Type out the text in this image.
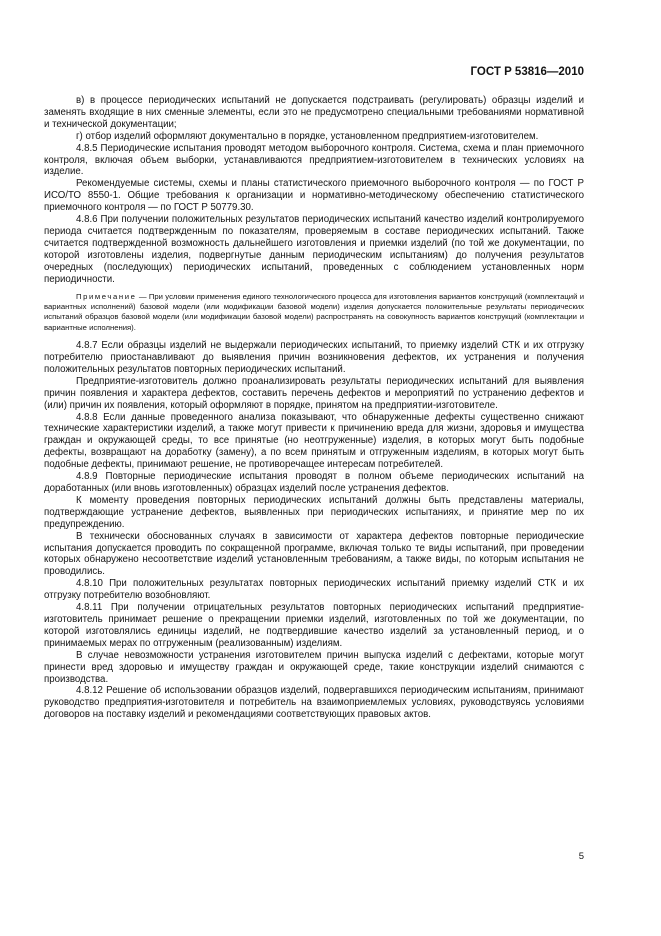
ГОСТ Р 53816—2010

в) в процессе периодических испытаний не допускается подстраивать (регулировать) образцы изделий и заменять входящие в них сменные элементы, если это не предусмотрено специальными требованиями нормативной и технической документации;

г) отбор изделий оформляют документально в порядке, установленном предприятием-изготовителем.

4.8.5 Периодические испытания проводят методом выборочного контроля. Система, схема и план приемочного контроля, включая объем выборки, устанавливаются предприятием-изготовителем в технических условиях на изделие.

Рекомендуемые системы, схемы и планы статистического приемочного выборочного контроля — по ГОСТ Р ИСО/ТО 8550-1. Общие требования к организации и нормативно-методическому обеспечению статистического приемочного контроля — по ГОСТ Р 50779.30.

4.8.6 При получении положительных результатов периодических испытаний качество изделий контролируемого периода считается подтвержденным по показателям, проверяемым в составе периодических испытаний. Также считается подтвержденной возможность дальнейшего изготовления и приемки изделий (по той же документации, по которой изготовлены изделия, подвергнутые данным периодическим испытаниям) до получения результатов очередных (последующих) периодических испытаний, проведенных с соблюдением установленных норм периодичности.

Примечание — При условии применения единого технологического процесса для изготовления вариантов конструкций (комплектаций и вариантных исполнений) базовой модели (или модификации базовой модели) изделия допускается положительные результаты периодических испытаний образцов базовой модели (или модификации базовой модели) распространять на совокупность вариантов конструкций (комплектации и вариантные исполнения).

4.8.7 Если образцы изделий не выдержали периодических испытаний, то приемку изделий СТК и их отгрузку потребителю приостанавливают до выявления причин возникновения дефектов, их устранения и получения положительных результатов повторных периодических испытаний.

Предприятие-изготовитель должно проанализировать результаты периодических испытаний для выявления причин появления и характера дефектов, составить перечень дефектов и мероприятий по устранению дефектов и (или) причин их появления, который оформляют в порядке, принятом на предприятии-изготовителе.

4.8.8 Если данные проведенного анализа показывают, что обнаруженные дефекты существенно снижают технические характеристики изделий, а также могут привести к причинению вреда для жизни, здоровья и имущества граждан и окружающей среды, то все принятые (но неотгруженные) изделия, в которых могут быть подобные дефекты, возвращают на доработку (замену), а по всем принятым и отгруженным изделиям, в которых могут быть подобные дефекты, принимают решение, не противоречащее интересам потребителей.

4.8.9 Повторные периодические испытания проводят в полном объеме периодических испытаний на доработанных (или вновь изготовленных) образцах изделий после устранения дефектов.

К моменту проведения повторных периодических испытаний должны быть представлены материалы, подтверждающие устранение дефектов, выявленных при периодических испытаниях, и принятие мер по их предупреждению.

В технически обоснованных случаях в зависимости от характера дефектов повторные периодические испытания допускается проводить по сокращенной программе, включая только те виды испытаний, при проведении которых обнаружено несоответствие изделий установленным требованиям, а также виды, по которым испытания не проводились.

4.8.10 При положительных результатах повторных периодических испытаний приемку изделий СТК и их отгрузку потребителю возобновляют.

4.8.11 При получении отрицательных результатов повторных периодических испытаний предприятие-изготовитель принимает решение о прекращении приемки изделий, изготовленных по той же документации, по которой изготовлялись единицы изделий, не подтвердившие качество изделий за установленный период, и о принимаемых мерах по отгруженным (реализованным) изделиям.

В случае невозможности устранения изготовителем причин выпуска изделий с дефектами, которые могут принести вред здоровью и имуществу граждан и окружающей среде, такие конструкции изделий снимаются с производства.

4.8.12 Решение об использовании образцов изделий, подвергавшихся периодическим испытаниям, принимают руководство предприятия-изготовителя и потребитель на взаимоприемлемых условиях, руководствуясь условиями договоров на поставку изделий и рекомендациями соответствующих правовых актов.

5
